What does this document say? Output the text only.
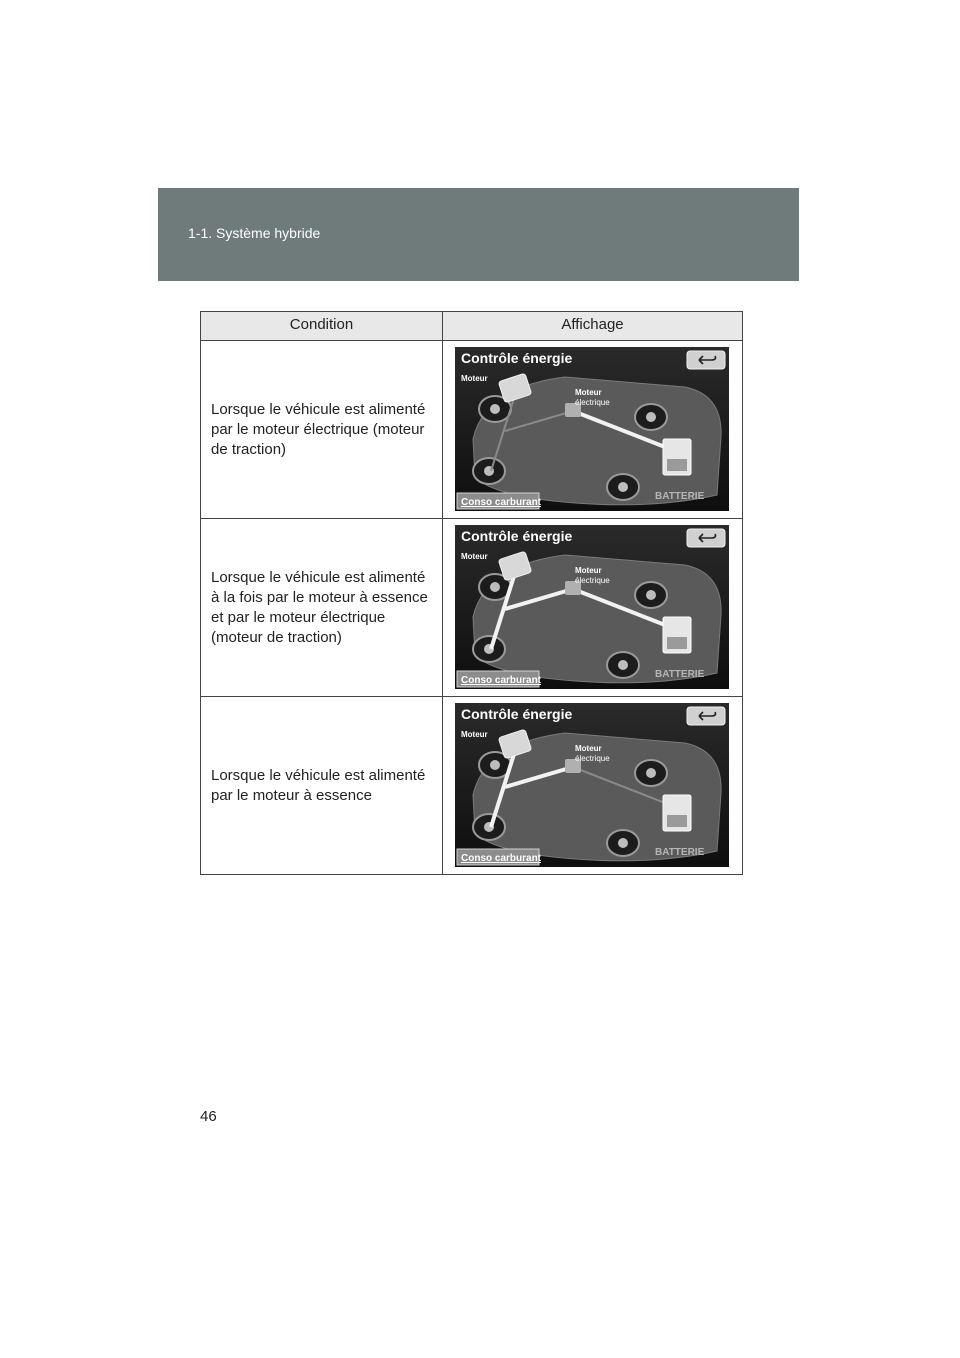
1-1. Système hybride
Condition	Affichage
Lorsque le véhicule est alimenté
par le moteur électrique (moteur
de traction)
Contrôle énergie
Moteur
Moteur
électrique
Conso carburant
BATTERIE
Lorsque le véhicule est alimenté
à la fois par le moteur à essence
et par le moteur électrique
(moteur de traction)
Contrôle énergie
Moteur
Moteur
électrique
Conso carburant
BATTERIE
Lorsque le véhicule est alimenté
par le moteur à essence
Contrôle énergie
Moteur
Moteur
électrique
Conso carburant
BATTERIE
46
